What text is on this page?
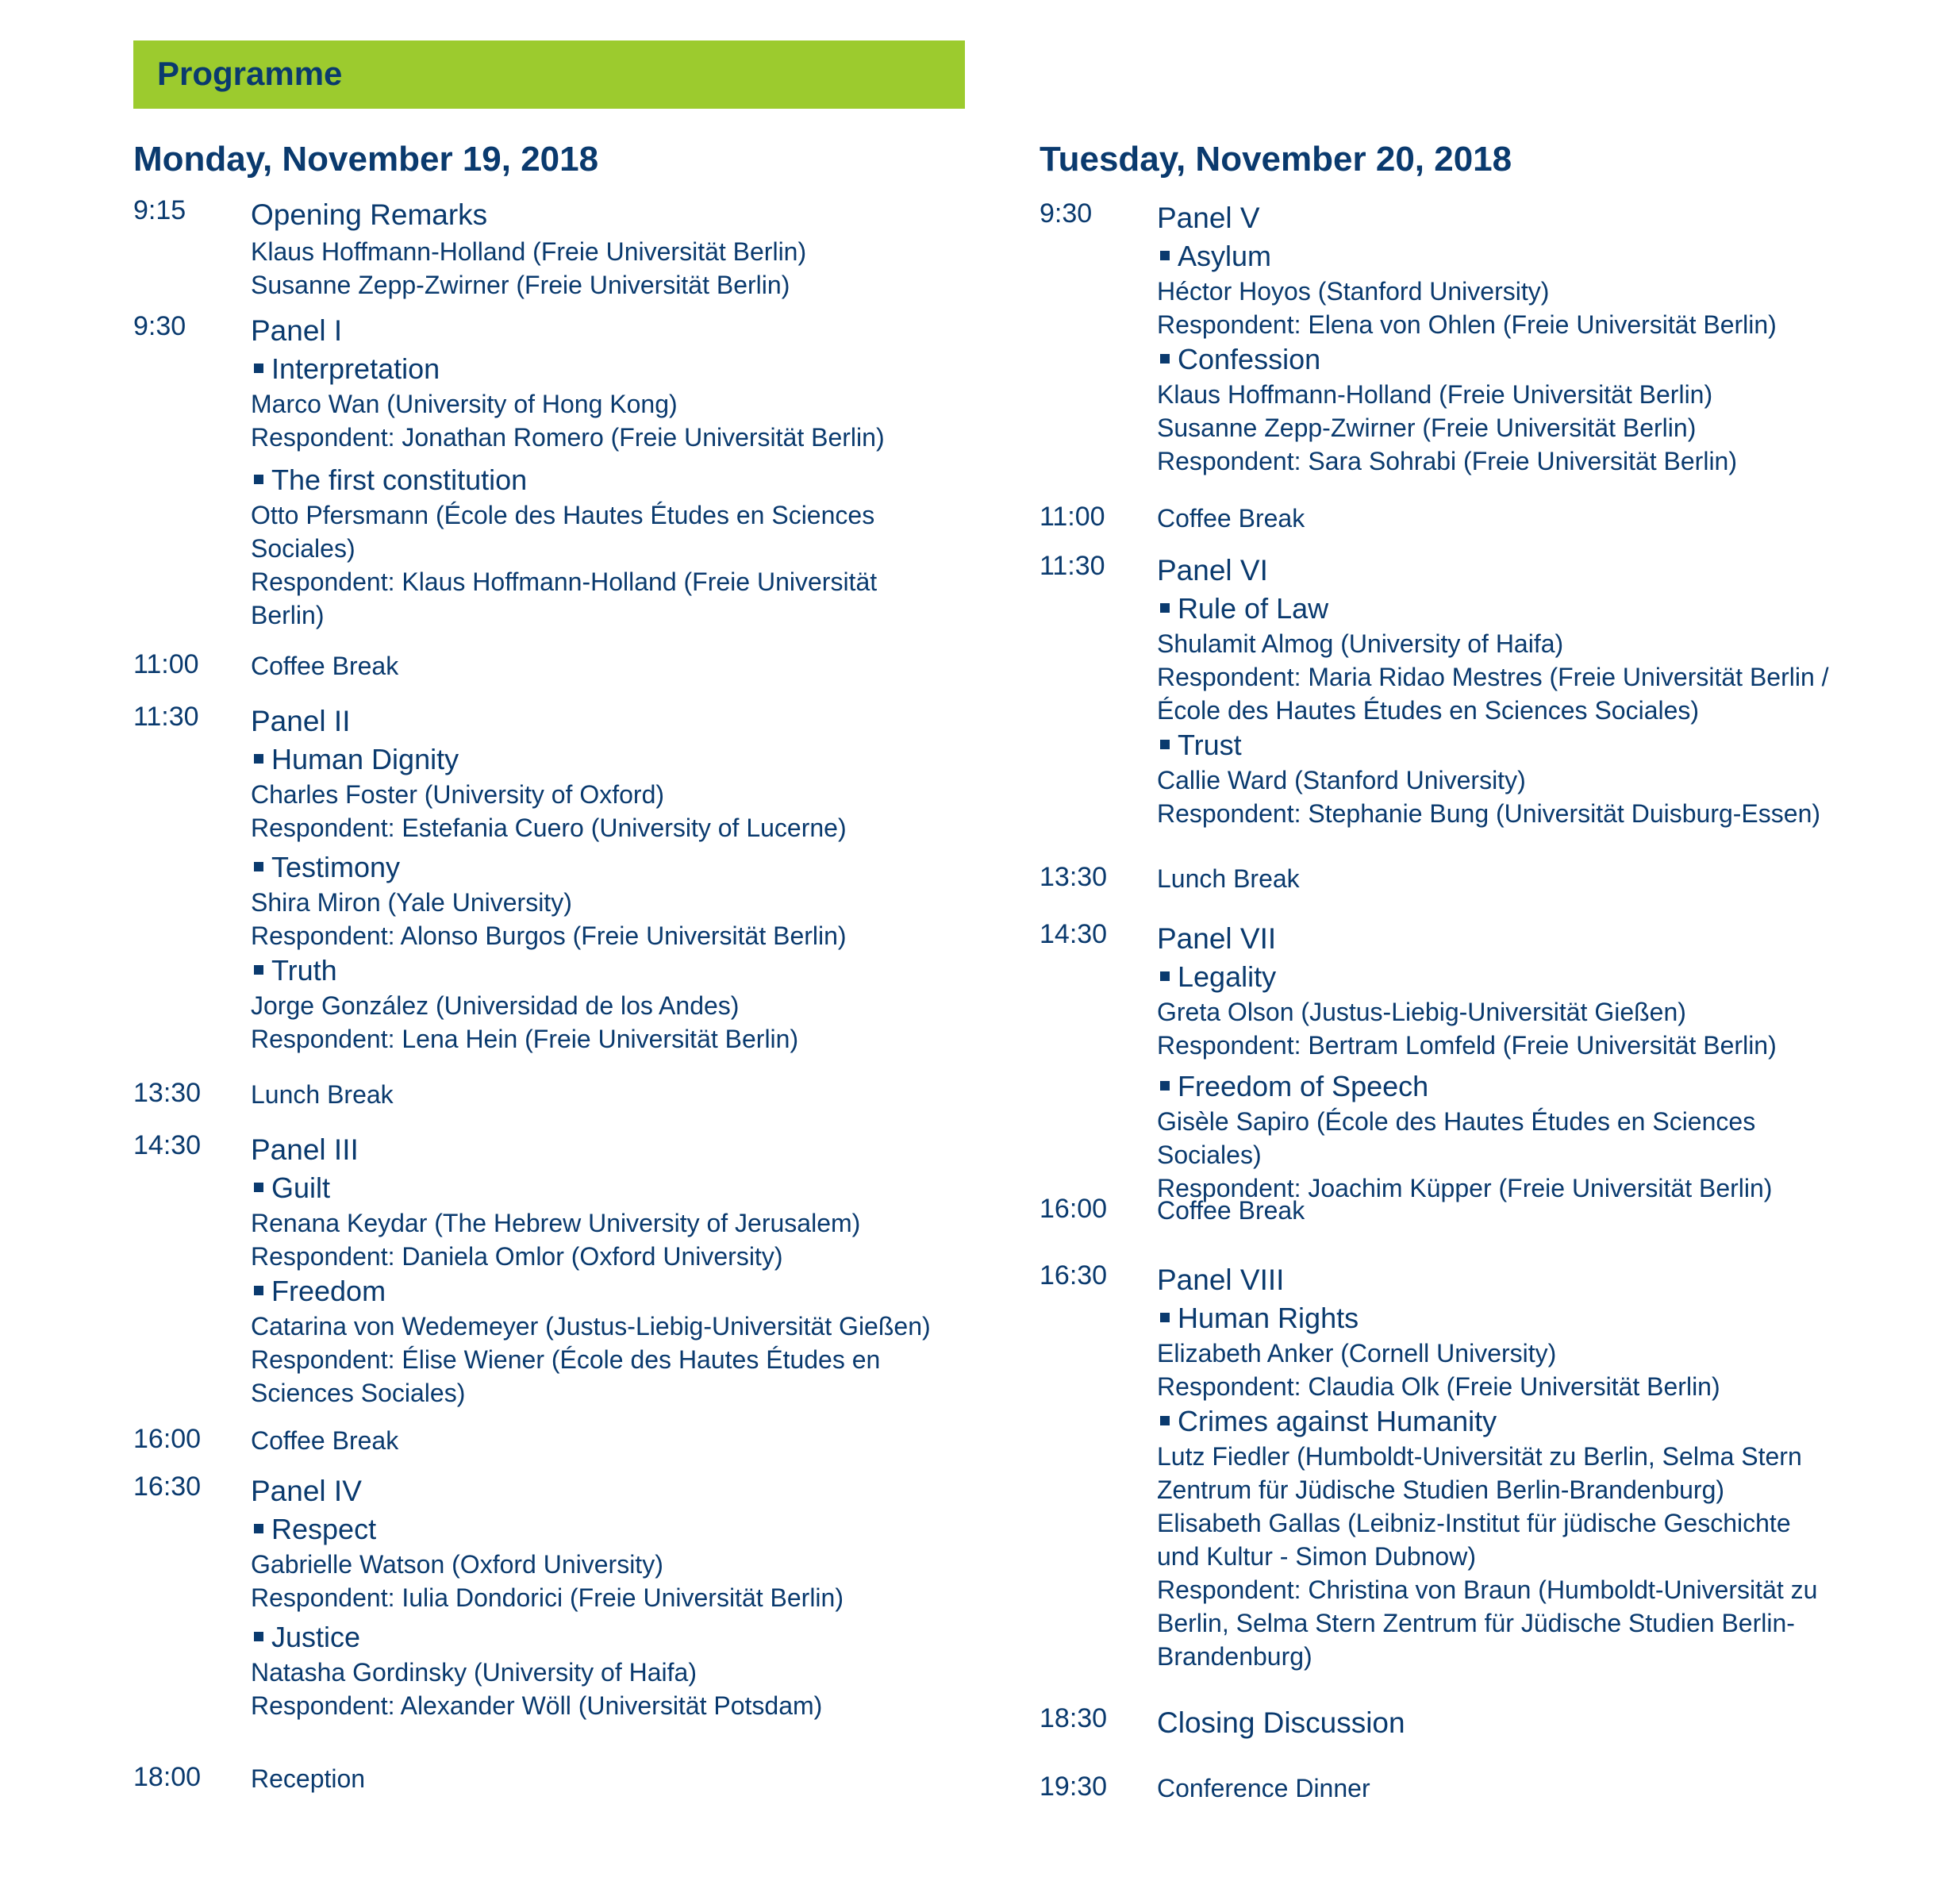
Programme
Monday, November 19, 2018
9:15 Opening Remarks
Klaus Hoffmann-Holland (Freie Universität Berlin)
Susanne Zepp-Zwirner (Freie Universität Berlin)
9:30 Panel I
Interpretation
Marco Wan (University of Hong Kong)
Respondent: Jonathan Romero (Freie Universität Berlin)
The first constitution
Otto Pfersmann (École des Hautes Études en Sciences Sociales)
Respondent: Klaus Hoffmann-Holland (Freie Universität Berlin)
11:00 Coffee Break
11:30 Panel II
Human Dignity
Charles Foster (University of Oxford)
Respondent: Estefania Cuero (University of Lucerne)
Testimony
Shira Miron (Yale University)
Respondent: Alonso Burgos (Freie Universität Berlin)
Truth
Jorge González (Universidad de los Andes)
Respondent: Lena Hein (Freie Universität Berlin)
13:30 Lunch Break
14:30 Panel III
Guilt
Renana Keydar (The Hebrew University of Jerusalem)
Respondent: Daniela Omlor (Oxford University)
Freedom
Catarina von Wedemeyer (Justus-Liebig-Universität Gießen)
Respondent: Élise Wiener (École des Hautes Études en Sciences Sociales)
16:00 Coffee Break
16:30 Panel IV
Respect
Gabrielle Watson (Oxford University)
Respondent: Iulia Dondorici (Freie Universität Berlin)
Justice
Natasha Gordinsky (University of Haifa)
Respondent: Alexander Wöll (Universität Potsdam)
18:00 Reception
Tuesday, November 20, 2018
9:30 Panel V
Asylum
Héctor Hoyos (Stanford University)
Respondent: Elena von Ohlen (Freie Universität Berlin)
Confession
Klaus Hoffmann-Holland (Freie Universität Berlin)
Susanne Zepp-Zwirner (Freie Universität Berlin)
Respondent: Sara Sohrabi (Freie Universität Berlin)
11:00 Coffee Break
11:30 Panel VI
Rule of Law
Shulamit Almog (University of Haifa)
Respondent: Maria Ridao Mestres (Freie Universität Berlin / École des Hautes Études en Sciences Sociales)
Trust
Callie Ward (Stanford University)
Respondent: Stephanie Bung (Universität Duisburg-Essen)
13:30 Lunch Break
14:30 Panel VII
Legality
Greta Olson (Justus-Liebig-Universität Gießen)
Respondent: Bertram Lomfeld (Freie Universität Berlin)
Freedom of Speech
Gisèle Sapiro (École des Hautes Études en Sciences Sociales)
Respondent: Joachim Küpper (Freie Universität Berlin)
16:00 Coffee Break
16:30 Panel VIII
Human Rights
Elizabeth Anker (Cornell University)
Respondent: Claudia Olk (Freie Universität Berlin)
Crimes against Humanity
Lutz Fiedler (Humboldt-Universität zu Berlin, Selma Stern Zentrum für Jüdische Studien Berlin-Brandenburg)
Elisabeth Gallas (Leibniz-Institut für jüdische Geschichte und Kultur - Simon Dubnow)
Respondent: Christina von Braun (Humboldt-Universität zu Berlin, Selma Stern Zentrum für Jüdische Studien Berlin-Brandenburg)
18:30 Closing Discussion
19:30 Conference Dinner
